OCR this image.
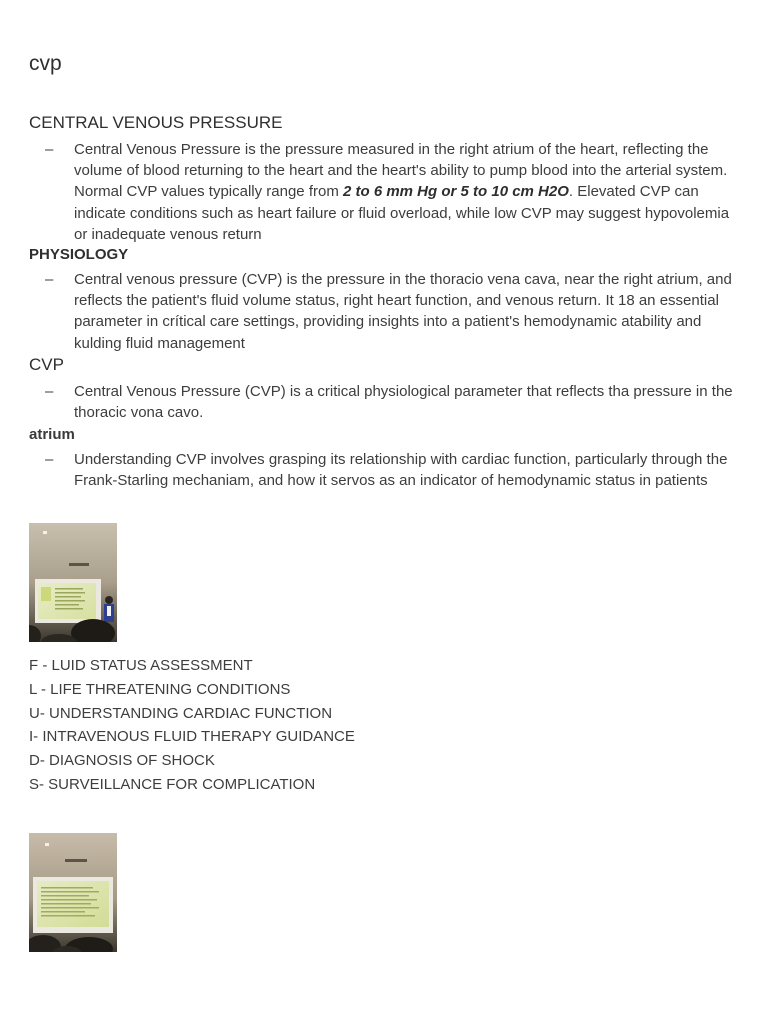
cvp
CENTRAL VENOUS PRESSURE

– Central Venous Pressure is the pressure measured in the right atrium of the heart, reflecting the volume of blood returning to the heart and the heart's ability to pump blood into the arterial system. Normal CVP values typically range from 2 to 6 mm Hg or 5 to 10 cm H2O. Elevated CVP can indicate conditions such as heart failure or fluid overload, while low CVP may suggest hypovolemia or inadequate venous return

PHYSIOLOGY

– Central venous pressure (CVP) is the pressure in the thoracio vena cava, near the right atrium, and reflects the patient's fluid volume status, right heart function, and venous return. It 18 an essential parameter in crítical care settings, providing insights into a patient's hemodynamic atability and kulding fluid management

CVP

– Central Venous Pressure (CVP) is a critical physiological parameter that reflects tha pressure in the thoracic vona cavo.

atrium

– Understanding CVP involves grasping its relationship with cardiac function, particularly through the Frank-Starling mechaniam, and how it servos as an indicator of hemodynamic status in patients

F - LUID STATUS ASSESSMENT
L - LIFE THREATENING CONDITIONS
U- UNDERSTANDING CARDIAC FUNCTION
I- INTRAVENOUS FLUID THERAPY GUIDANCE
D- DIAGNOSIS OF SHOCK
S- SURVEILLANCE FOR COMPLICATION
